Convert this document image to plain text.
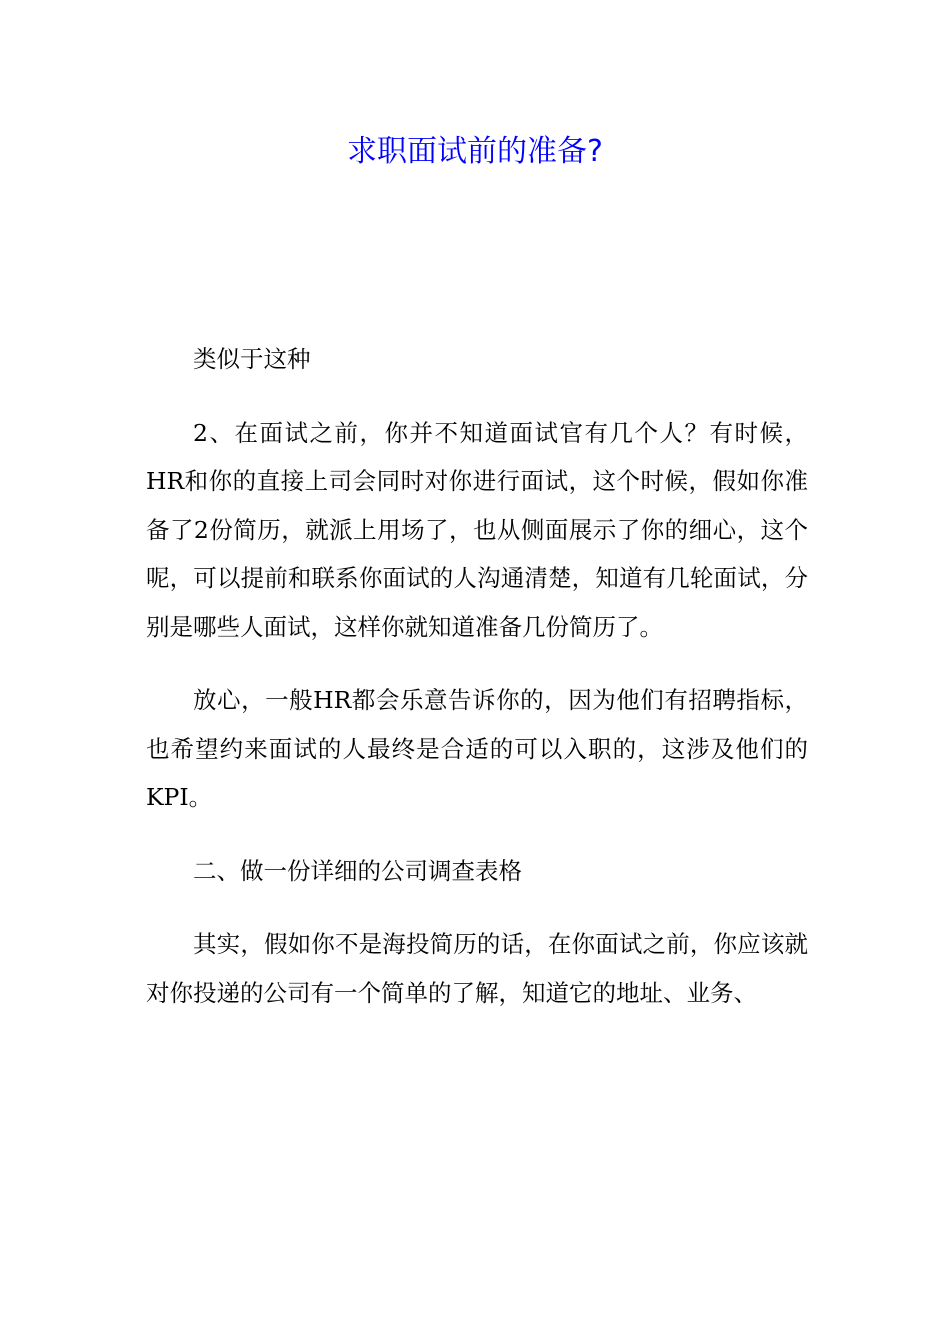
求职面试前的准备?

类似于这种

2、在面试之前，你并不知道面试官有几个人？有时候，HR和你的直接上司会同时对你进行面试，这个时候，假如你准备了2份简历，就派上用场了，也从侧面展示了你的细心，这个呢，可以提前和联系你面试的人沟通清楚，知道有几轮面试，分别是哪些人面试，这样你就知道准备几份简历了。

放心，一般HR都会乐意告诉你的，因为他们有招聘指标，也希望约来面试的人最终是合适的可以入职的，这涉及他们的KPI。

二、做一份详细的公司调查表格

其实，假如你不是海投简历的话，在你面试之前，你应该就对你投递的公司有一个简单的了解，知道它的地址、业务、
